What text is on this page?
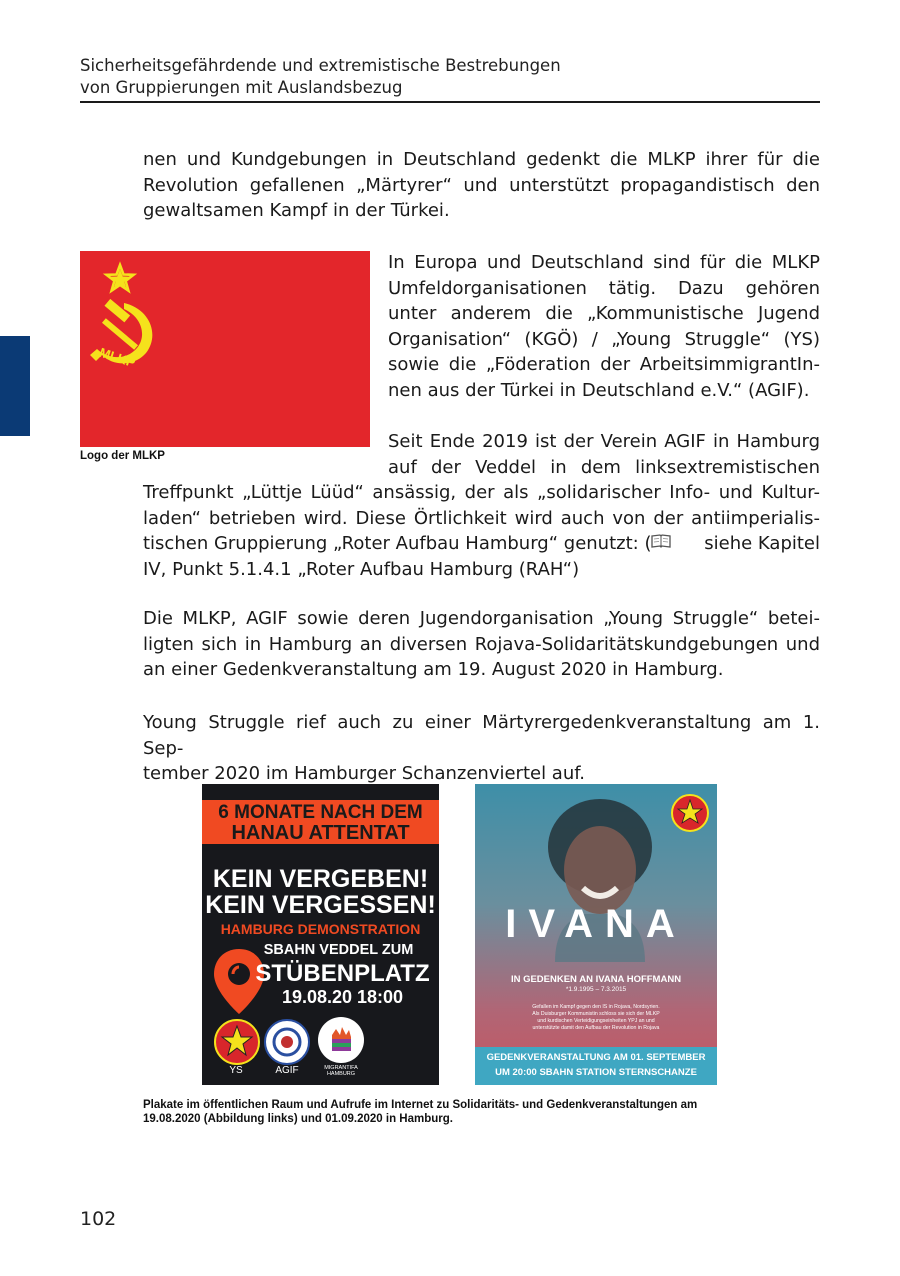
Sicherheitsgefährdende und extremistische Bestrebungen
von Gruppierungen mit Auslandsbezug
nen und Kundgebungen in Deutschland gedenkt die MLKP ihrer für die
Revolution gefallenen „Märtyrer“ und unterstützt propagandistisch den
gewaltsamen Kampf in der Türkei.
MLKP
Logo der MLKP
In Europa und Deutschland sind für die MLKP
Umfeldorganisationen tätig. Dazu gehören
unter anderem die „Kommunistische Jugend
Organisation“ (KGÖ) / „Young Struggle“ (YS)
sowie die „Föderation der ArbeitsimmigrantIn-
nen aus der Türkei in Deutschland e.V.“ (AGIF).
Seit Ende 2019 ist der Verein AGIF in Hamburg
auf der Veddel in dem linksextremistischen
Treffpunkt „Lüttje Lüüd“ ansässig, der als „solidarischer Info- und Kultur-
laden“ betrieben wird. Diese Örtlichkeit wird auch von der antiimperialis-
tischen Gruppierung „Roter Aufbau Hamburg“ genutzt: (	siehe Kapitel
IV, Punkt 5.1.4.1 „Roter Aufbau Hamburg (RAH“)
Die MLKP, AGIF sowie deren Jugendorganisation „Young Struggle“ betei-
ligten sich in Hamburg an diversen Rojava-Solidaritätskundgebungen und
an einer Gedenkveranstaltung am 19. August 2020 in Hamburg.
Young Struggle rief auch zu einer Märtyrergedenkveranstaltung am 1. Sep-
tember 2020 im Hamburger Schanzenviertel auf.
6 MONATE NACH DEM
HANAU ATTENTAT
KEIN VERGEBEN!
KEIN VERGESSEN!
HAMBURG DEMONSTRATION
SBAHN VEDDEL ZUM
STÜBENPLATZ
19.08.20 18:00
YS	AGIF	MIGRANTIFA HAMBURG
IVANA
IN GEDENKEN AN IVANA HOFFMANN
*1.9.1995 – 7.3.2015
Gefallen im Kampf gegen den IS in Rojava, Nordsyrien.
Als Duisburger Kommunistin schloss sie sich der MLKP
und kurdischen Verteidigungseinheiten YPJ an und
unterstützte damit den Aufbau der Revolution in Rojava
GEDENKVERANSTALTUNG AM 01. SEPTEMBER
UM 20:00 SBAHN STATION STERNSCHANZE
Plakate im öffentlichen Raum und Aufrufe im Internet zu Solidaritäts- und Gedenkveranstaltungen am
19.08.2020 (Abbildung links) und 01.09.2020 in Hamburg.
102
